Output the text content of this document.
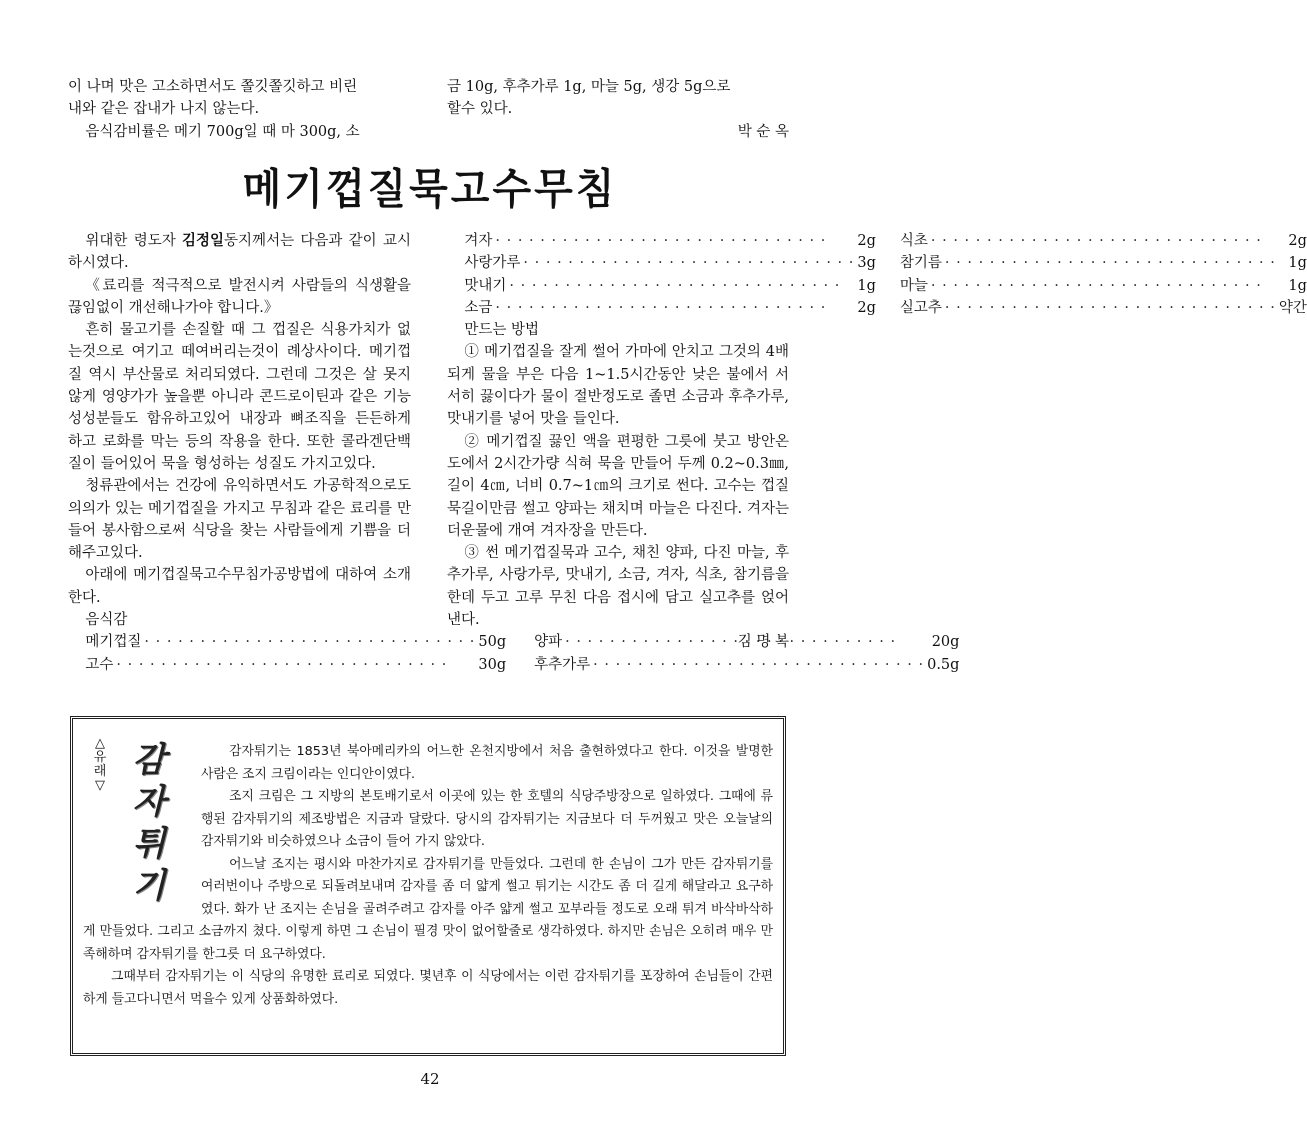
이 나며 맛은 고소하면서도 쫄깃쫄깃하고 비린

내와 같은 잡내가 나지 않는다.

음식감비률은 메기 700g일 때 마 300g, 소

금 10g, 후추가루 1g, 마늘 5g, 생강 5g으로

할수 있다.

박 순 옥

메기껍질묵고수무침

위대한 령도자 김정일동지께서는 다음과 같이 교시하시였다.

《료리를 적극적으로 발전시켜 사람들의 식생활을 끊임없이 개선해나가야 합니다.》

흔히 물고기를 손질할 때 그 껍질은 식용가치가 없는것으로 여기고 떼여버리는것이 례상사이다. 메기껍질 역시 부산물로 처리되였다. 그런데 그것은 살 못지 않게 영양가가 높을뿐 아니라 콘드로이틴과 같은 기능성성분들도 함유하고있어 내장과 뼈조직을 든든하게 하고 로화를 막는 등의 작용을 한다. 또한 콜라겐단백질이 들어있어 묵을 형성하는 성질도 가지고있다.

청류관에서는 건강에 유익하면서도 가공학적으로도 의의가 있는 메기껍질을 가지고 무침과 같은 료리를 만들어 봉사함으로써 식당을 찾는 사람들에게 기쁨을 더해주고있다.

아래에 메기껍질묵고수무침가공방법에 대하여 소개한다.

음식감

메기껍질 · · ·	50g 양파 · · ·	20g
고수 · · ·	30g 후추가루 · · ·	0.5g
겨자 · · ·	2g 식초 · · ·	2g
사랑가루 · · ·	3g 참기름 · · ·	1g
맛내기 · · ·	1g 마늘 · · ·	1g
소금 · · ·	2g 실고추 · · ·	약간

만드는 방법

① 메기껍질을 잘게 썰어 가마에 안치고 그것의 4배 되게 물을 부은 다음 1~1.5시간동안 낮은 불에서 서서히 끓이다가 물이 절반정도로 졸면 소금과 후추가루, 맛내기를 넣어 맛을 들인다.

② 메기껍질 끓인 액을 편평한 그릇에 붓고 방안온도에서 2시간가량 식혀 묵을 만들어 두께 0.2~0.3㎜, 길이 4㎝, 너비 0.7~1㎝의 크기로 썬다. 고수는 껍질묵길이만큼 썰고 양파는 채치며 마늘은 다진다. 겨자는 더운물에 개여 겨자장을 만든다.

③ 썬 메기껍질묵과 고수, 채친 양파, 다진 마늘, 후추가루, 사랑가루, 맛내기, 소금, 겨자, 식초, 참기름을 한데 두고 고루 무친 다음 접시에 담고 실고추를 얹어 낸다.

김 명 복

△
유
래
▽
감
자
튀
기

감자튀기는 1853년 북아메리카의 어느한 온천지방에서 처음 출현하였다고 한다. 이것을 발명한 사람은 조지 크림이라는 인디안이였다.

조지 크림은 그 지방의 본토배기로서 이곳에 있는 한 호텔의 식당주방장으로 일하였다. 그때에 류행된 감자튀기의 제조방법은 지금과 달랐다. 당시의 감자튀기는 지금보다 더 두꺼웠고 맛은 오늘날의 감자튀기와 비슷하였으나 소금이 들어 가지 않았다.

어느날 조지는 평시와 마찬가지로 감자튀기를 만들었다. 그런데 한 손님이 그가 만든 감자튀기를 여러번이나 주방으로 되돌려보내며 감자를 좀 더 얇게 썰고 튀기는 시간도 좀 더 길게 해달라고 요구하였다. 화가 난 조지는 손님을 골려주려고 감자를 아주 얇게 썰고 꼬부라들 정도로 오래 튀겨 바삭바삭하게 만들었다. 그리고 소금까지 쳤다. 이렇게 하면 그 손님이 필경 맛이 없어할줄로 생각하였다. 하지만 손님은 오히려 매우 만족해하며 감자튀기를 한그릇 더 요구하였다.

그때부터 감자튀기는 이 식당의 유명한 료리로 되였다. 몇년후 이 식당에서는 이런 감자튀기를 포장하여 손님들이 간편하게 들고다니면서 먹을수 있게 상품화하였다.

42
